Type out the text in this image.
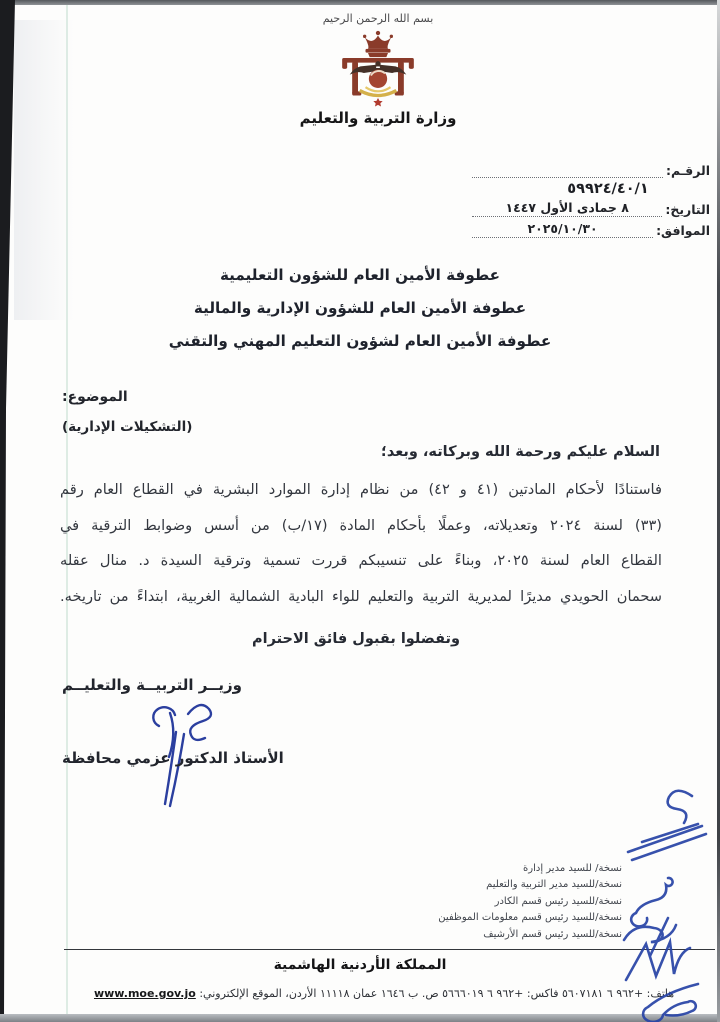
بسم الله الرحمن الرحيم
وزارة التربية والتعليم
الرقـم:
٥٩٩٢٤/٤٠/١
التاريخ:
٨ جمادى الأول ١٤٤٧
الموافق:
٢٠٢٥/١٠/٣٠
عطوفة الأمين العام للشؤون التعليمية
عطوفة الأمين العام للشؤون الإدارية والمالية
عطوفة الأمين العام لشؤون التعليم المهني والتقني
الموضوع:
(التشكيلات الإدارية)
السلام عليكم ورحمة الله وبركاته، وبعد؛
فاستنادًا لأحكام المادتين (٤١ و ٤٢) من نظام إدارة الموارد البشرية في القطاع العام رقم
(٣٣) لسنة ٢٠٢٤ وتعديلاته، وعملًا بأحكام المادة (١٧/ب) من أسس وضوابط الترقية في
القطاع العام لسنة ٢٠٢٥، وبناءً على تنسيبكم قررت تسمية وترقية السيدة د. منال عقله
سحمان الحويدي مديرًا لمديرية التربية والتعليم للواء البادية الشمالية الغربية، ابتداءً من تاريخه.
وتفضلوا بقبول فائق الاحترام
وزيــر التربيــة والتعليــم
الأستاذ الدكتور عزمي محافظة
نسخة/ للسيد مدير إدارة
نسخة/للسيد مدير التربية والتعليم
نسخة/للسيد رئيس قسم الكادر
نسخة/للسيد رئيس قسم معلومات الموظفين
نسخة/للسيد رئيس قسم الأرشيف
المملكة الأردنية الهاشمية
هاتف: +٩٦٢ ٦ ٥٦٠٧١٨١ فاكس: +٩٦٢ ٦ ٥٦٦٦٠١٩ ص. ب ١٦٤٦ عمان ١١١١٨ الأردن، الموقع الإلكتروني: www.moe.gov.jo
